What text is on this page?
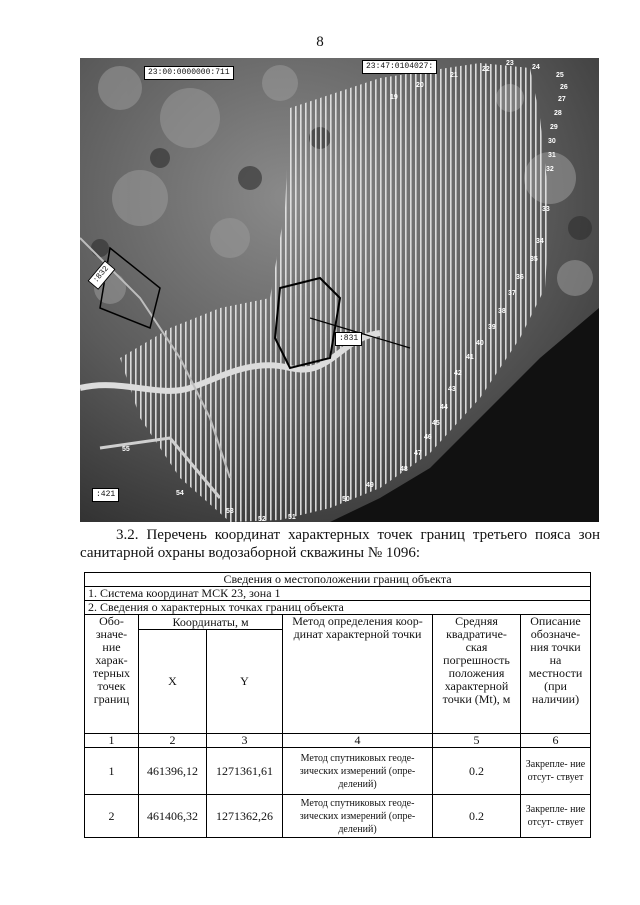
8
23:00:0000000:711
23:47:0104027:
:832
:831
:421
19
20
21
22
23
24
25
26
27
28
29
30
31
32
33
34
35
36
37
38
39
40
41
42
43
44
45
46
47
48
49
50
51
52
53
54
55
3.2. Перечень координат характерных точек границ третьего пояса зон санитарной охраны водозаборной скважины № 1096:
Сведения о местоположении границ объекта					
1. Система координат МСК 23, зона 1					
2. Сведения о характерных точках границ объекта					
Обо- значе- ние харак- терных точек границ	Координаты, м		Метод определения коор- динат характерной точки	Средняя квадратиче- ская погрешность положения характерной точки (Mt), м	Описание обозначе- ния точки на местности (при наличии)
	X	Y			
1	2	3	4	5	6
1	461396,12	1271361,61	Метод спутниковых геоде- зических измерений (опре- делений)	0.2	Закрепле- ние отсут- ствует
2	461406,32	1271362,26	Метод спутниковых геоде- зических измерений (опре- делений)	0.2	Закрепле- ние отсут- ствует
